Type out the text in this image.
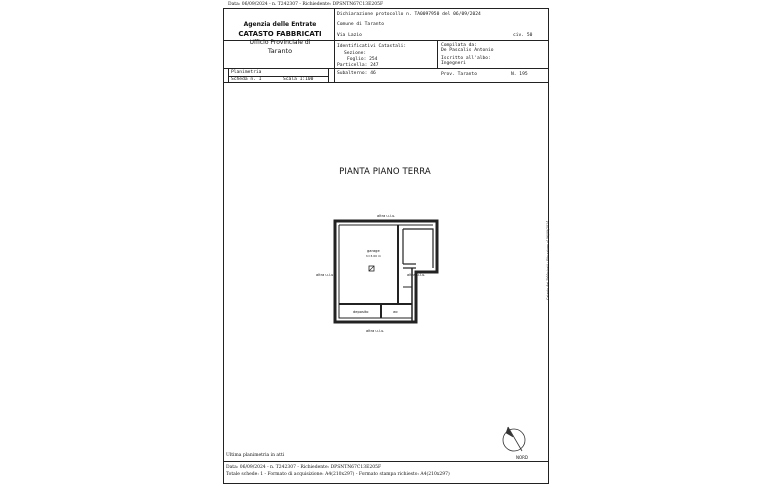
Data: 06/09/2024 - n. T242307 - Richiedente: DPSNTN67C13E205F
Agenzia delle Entrate
CATASTO FABBRICATI
Ufficio Provinciale di
Taranto
Dichiarazione protocollo n. TA0097950 del 06/09/2024
Comune di Taranto
Via Lazio	civ. 50
Identificativi Catastali:
Sezione:
Foglio: 254
Particella: 247
Subalterno: 46
Compilata da:
De Pascalis Antonio
Iscritto all'albo:
Ingegneri
Prov. Taranto	N. 195
Planimetria
Scheda n. 1	Scala 1:100
PIANTA PIANO TERRA
garage
h=3.00 m
deposito	wc
altra u.i.u.
altra u.i.u.	altra u.i.u.
altra u.i.u.
NORD
Ultima planimetria in atti
Data: 06/09/2024 - n. T242307 - Richiedente: DPSNTN67C13E205F
Totale schede: 1 - Formato di acquisizione: A4(210x297) - Formato stampa richiesto: A4(210x297)
Catasto dei Fabbricati - Situazione al 06/09/2024
